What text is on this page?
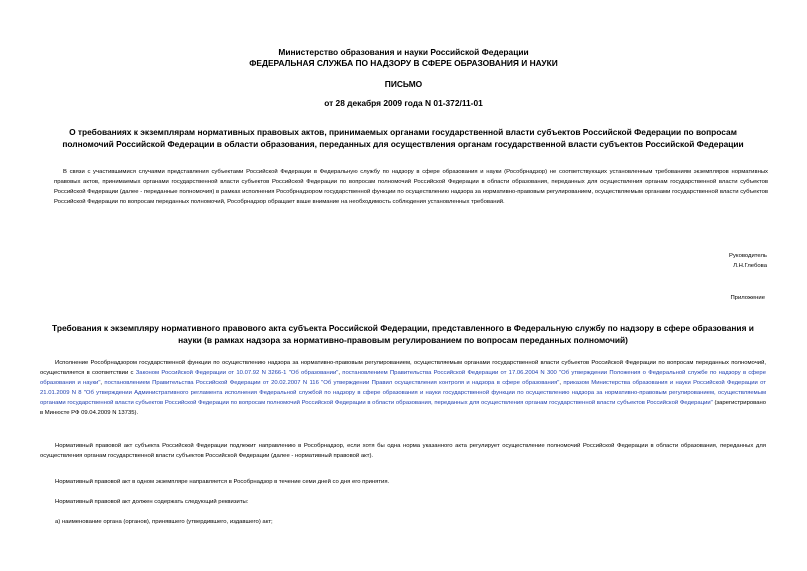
Министерство образования и науки Российской Федерации
ФЕДЕРАЛЬНАЯ СЛУЖБА ПО НАДЗОРУ В СФЕРЕ ОБРАЗОВАНИЯ И НАУКИ
ПИСЬМО
от 28 декабря 2009 года N 01-372/11-01
О требованиях к экземплярам нормативных правовых актов, принимаемых органами государственной власти субъектов Российской Федерации по вопросам полномочий Российской Федерации в области образования, переданных для осуществления органам государственной власти субъектов Российской Федерации
В связи с участившимися случаями представления субъектами Российской Федерации в Федеральную службу по надзору в сфере образования и науки (Рособрнадзор) не соответствующих установленным требованиям экземпляров нормативных правовых актов, принимаемых органами государственной власти субъектов Российской Федерации по вопросам полномочий Российской Федерации в области образования, переданных для осуществления органам государственной власти субъектов Российской Федерации (далее - переданные полномочия) в рамках исполнения Рособрнадзором государственной функции по осуществлению надзора за нормативно-правовым регулированием, осуществляемым органами государственной власти субъектов Российской Федерации по вопросам переданных полномочий, Рособрнадзор обращает ваше внимание на необходимость соблюдения установленных требований.
Руководитель
Л.Н.Глебова
Приложение
Требования к экземпляру нормативного правового акта субъекта Российской Федерации, представленного в Федеральную службу по надзору в сфере образования и науки (в рамках надзора за нормативно-правовым регулированием по вопросам переданных полномочий)
Исполнение Рособрнадзором государственной функции по осуществлению надзора за нормативно-правовым регулированием, осуществляемым органами государственной власти субъектов Российской Федерации по вопросам переданных полномочий, осуществляется в соответствии с Законом Российской Федерации от 10.07.92 N 3266-1 "Об образовании", постановлением Правительства Российской Федерации от 17.06.2004 N 300 "Об утверждении Положения о Федеральной службе по надзору в сфере образования и науки", постановлением Правительства Российской Федерации от 20.02.2007 N 116 "Об утверждении Правил осуществления контроля и надзора в сфере образования", приказом Министерства образования и науки Российской Федерации от 21.01.2009 N 8 "Об утверждении Административного регламента исполнения Федеральной службой по надзору в сфере образования и науки государственной функции по осуществлению надзора за нормативно-правовым регулированием, осуществляемым органами государственной власти субъектов Российской Федерации по вопросам полномочий Российской Федерации в области образования, переданных для осуществления органам государственной власти субъектов Российской Федерации" (зарегистрировано в Минюсте РФ 09.04.2009 N 13735).
Нормативный правовой акт субъекта Российской Федерации подлежит направлению в Рособрнадзор, если хотя бы одна норма указанного акта регулирует осуществление полномочий Российской Федерации в области образования, переданных для осуществления органам государственной власти субъектов Российской Федерации (далее - нормативный правовой акт).
Нормативный правовой акт в одном экземпляре направляется в Рособрнадзор в течение семи дней со дня его принятия.
Нормативный правовой акт должен содержать следующий реквизиты:
а) наименование органа (органов), принявшего (утвердившего, издавшего) акт;
